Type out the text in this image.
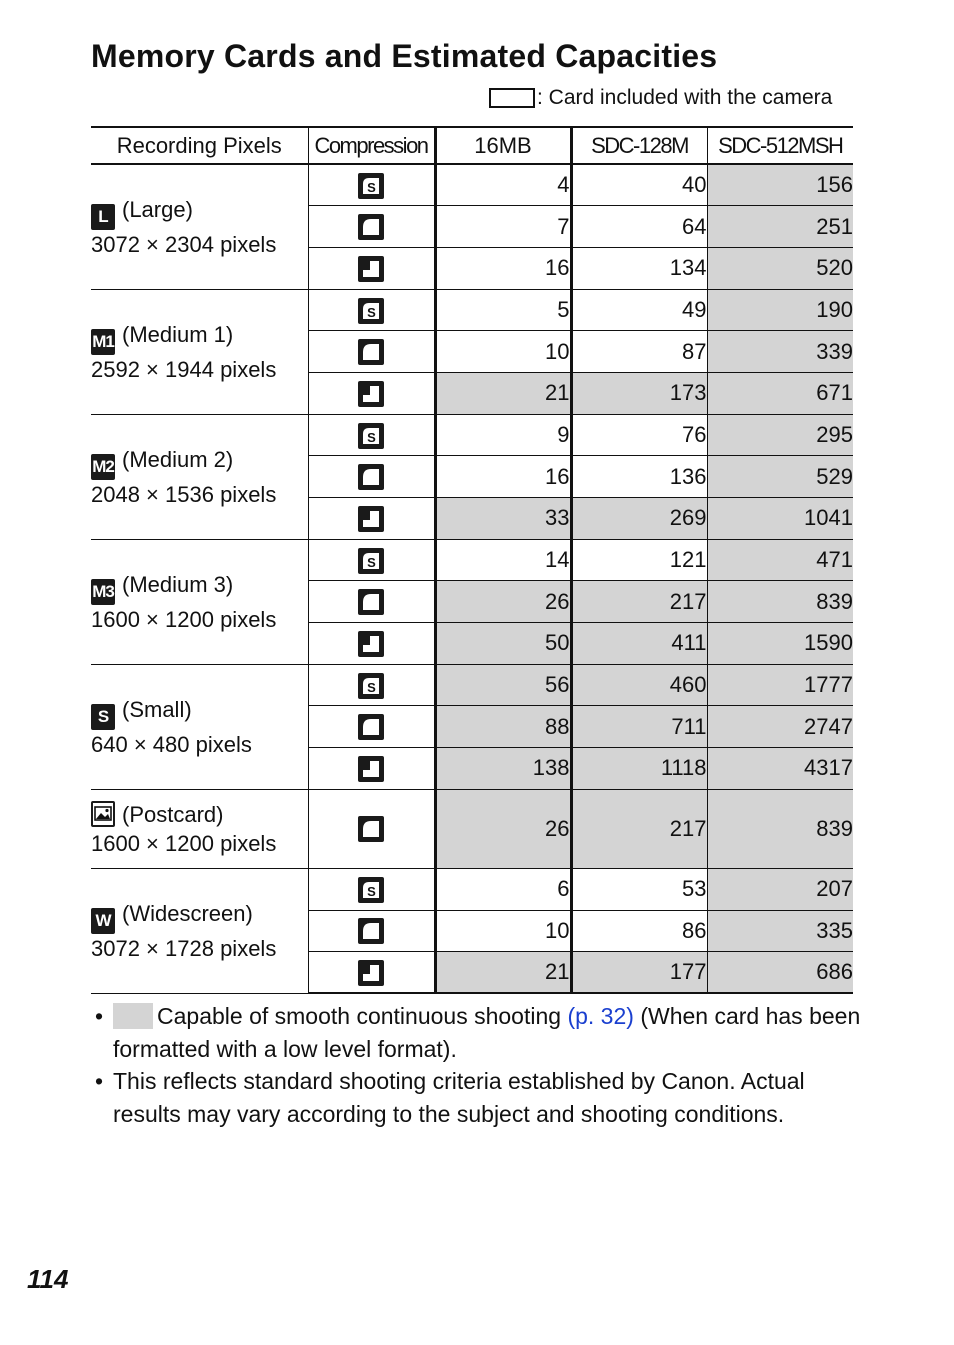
Memory Cards and Estimated Capacities
: Card included with the camera
Recording Pixels	Compression	16MB	SDC-128M	SDC-512MSH

L (Large)
3072 × 2304 pixels	S	4	40	156

	7	64	251

	16	134	520

M1 (Medium 1)
2592 × 1944 pixels	S	5	49	190

	10	87	339

	21	173	671

M2 (Medium 2)
2048 × 1536 pixels	S	9	76	295

	16	136	529

	33	269	1041

M3 (Medium 3)
1600 × 1200 pixels	S	14	121	471

	26	217	839

	50	411	1590

S (Small)
640 × 480 pixels	S	56	460	1777

	88	711	2747

	138	1118	4317

(Postcard)
1600 × 1200 pixels		26	217	839

W (Widescreen)
3072 × 1728 pixels	S	6	53	207

	10	86	335

	21	177	686
• Capable of smooth continuous shooting (p. 32) (When card has been formatted with a low level format).
• This reflects standard shooting criteria established by Canon. Actual results may vary according to the subject and shooting conditions.
114
